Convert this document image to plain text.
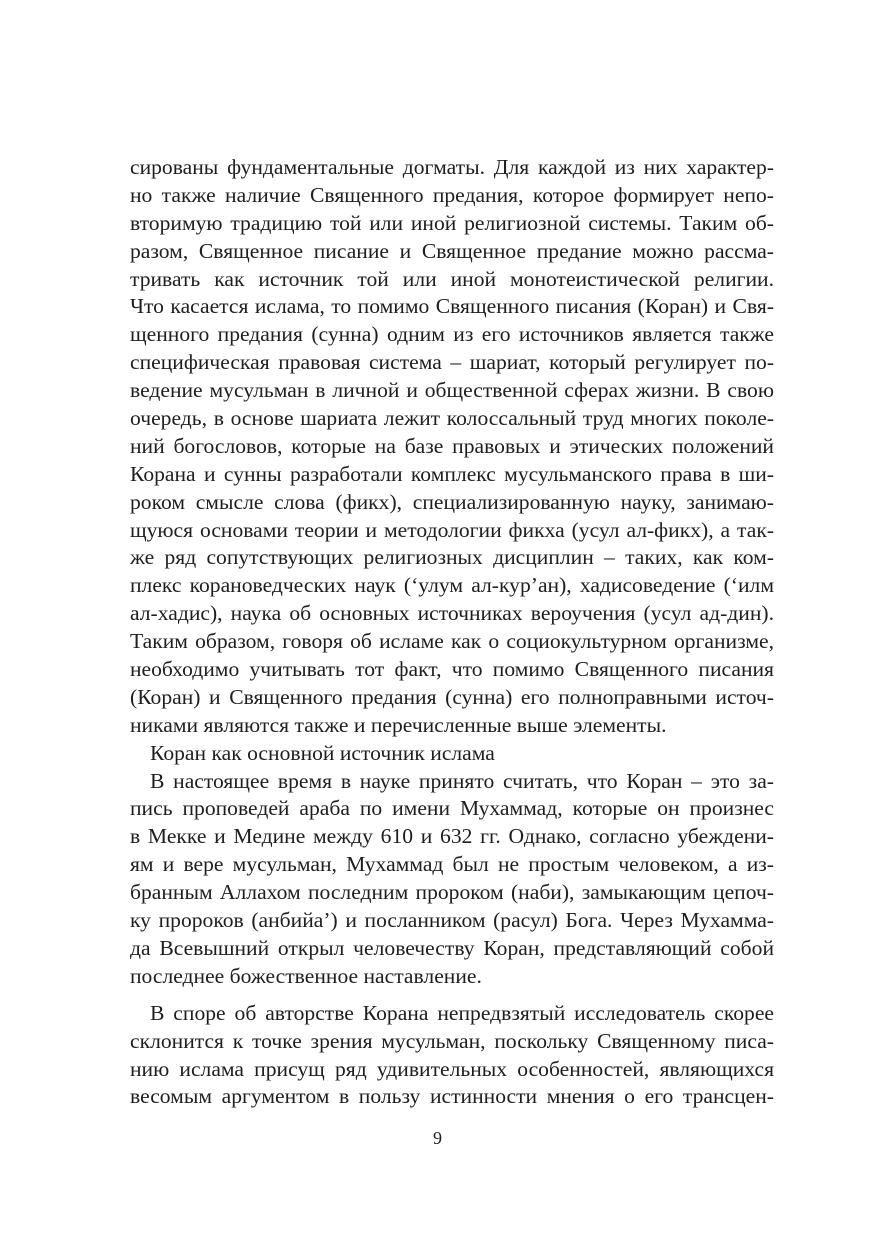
сированы фундаментальные догматы. Для каждой из них характер-
но также наличие Священного предания, которое формирует непо-
вторимую традицию той или иной религиозной системы. Таким об-
разом, Священное писание и Священное предание можно рассма-
тривать как источник той или иной монотеистической религии.
Что касается ислама, то помимо Священного писания (Коран) и Свя-
щенного предания (сунна) одним из его источников является также
специфическая правовая система – шариат, который регулирует по-
ведение мусульман в личной и общественной сферах жизни. В свою
очередь, в основе шариата лежит колоссальный труд многих поколе-
ний богословов, которые на базе правовых и этических положений
Корана и сунны разработали комплекс мусульманского права в ши-
роком смысле слова (фикх), специализированную науку, занимаю-
щуюся основами теории и методологии фикха (усул ал-фикх), а так-
же ряд сопутствующих религиозных дисциплин – таких, как ком-
плекс корановедческих наук (‘улум ал-кур’ан), хадисоведение (‘илм
ал-хадис), наука об основных источниках вероучения (усул ад-дин).
Таким образом, говоря об исламе как о социокультурном организме,
необходимо учитывать тот факт, что помимо Священного писания
(Коран) и Священного предания (сунна) его полноправными источ-
никами являются также и перечисленные выше элементы.
Коран как основной источник ислама
В настоящее время в науке принято считать, что Коран – это за-
пись проповедей араба по имени Мухаммад, которые он произнес
в Мекке и Медине между 610 и 632 гг. Однако, согласно убеждени-
ям и вере мусульман, Мухаммад был не простым человеком, а из-
бранным Аллахом последним пророком (наби), замыкающим цепоч-
ку пророков (анбийа’) и посланником (расул) Бога. Через Мухамма-
да Всевышний открыл человечеству Коран, представляющий собой
последнее божественное наставление.
В споре об авторстве Корана непредвзятый исследователь скорее
склонится к точке зрения мусульман, поскольку Священному писа-
нию ислама присущ ряд удивительных особенностей, являющихся
весомым аргументом в пользу истинности мнения о его трансцен-
9
